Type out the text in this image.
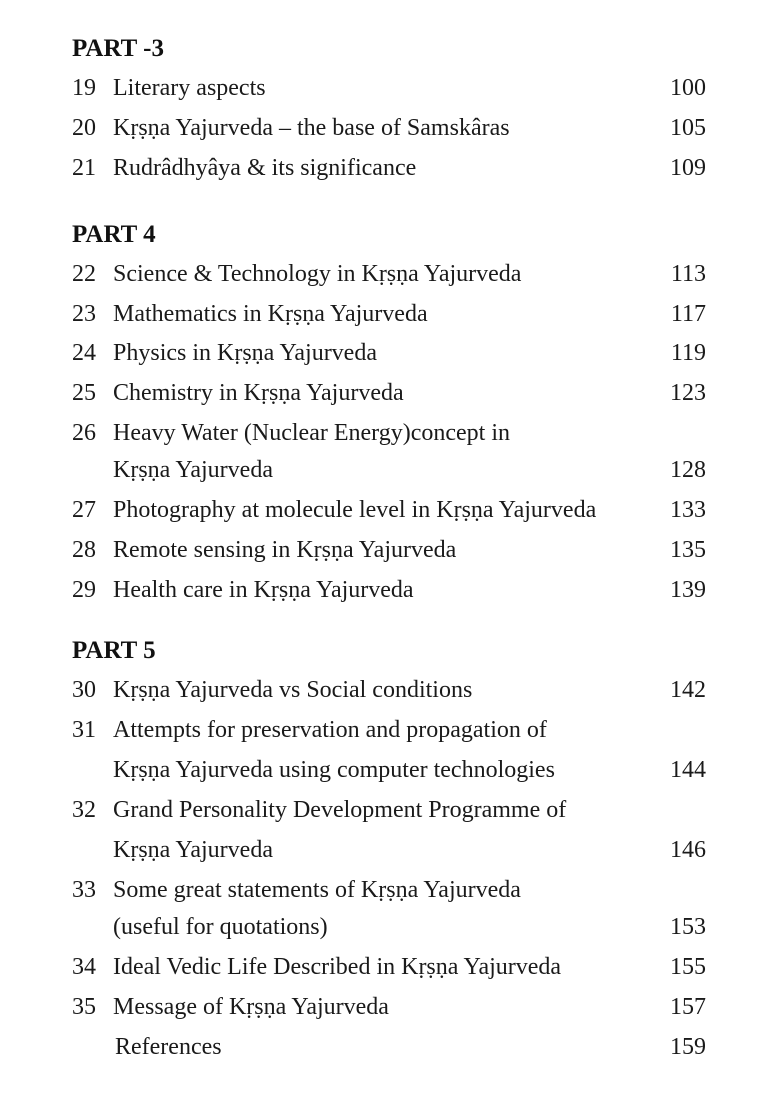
PART -3
19 Literary aspects	100
20 Kṛṣṇa Yajurveda – the base of Samskâras	105
21 Rudrâdhyâya & its significance	109
PART 4
22 Science & Technology in Kṛṣṇa Yajurveda	113
23 Mathematics in Kṛṣṇa Yajurveda	117
24 Physics in Kṛṣṇa Yajurveda	119
25 Chemistry in Kṛṣṇa Yajurveda	123
26 Heavy Water (Nuclear Energy)concept in
Kṛṣṇa Yajurveda	128
27 Photography at molecule level in Kṛṣṇa Yajurveda	133
28 Remote sensing in Kṛṣṇa Yajurveda	135
29 Health care in Kṛṣṇa Yajurveda	139
PART 5
30 Kṛṣṇa Yajurveda vs Social conditions	142
31 Attempts for preservation and propagation of
Kṛṣṇa Yajurveda using computer technologies	144
32 Grand Personality Development Programme of
Kṛṣṇa Yajurveda	146
33 Some great statements of Kṛṣṇa Yajurveda
(useful for quotations)	153
34 Ideal Vedic Life Described in Kṛṣṇa Yajurveda	155
35 Message of Kṛṣṇa Yajurveda	157
References	159
